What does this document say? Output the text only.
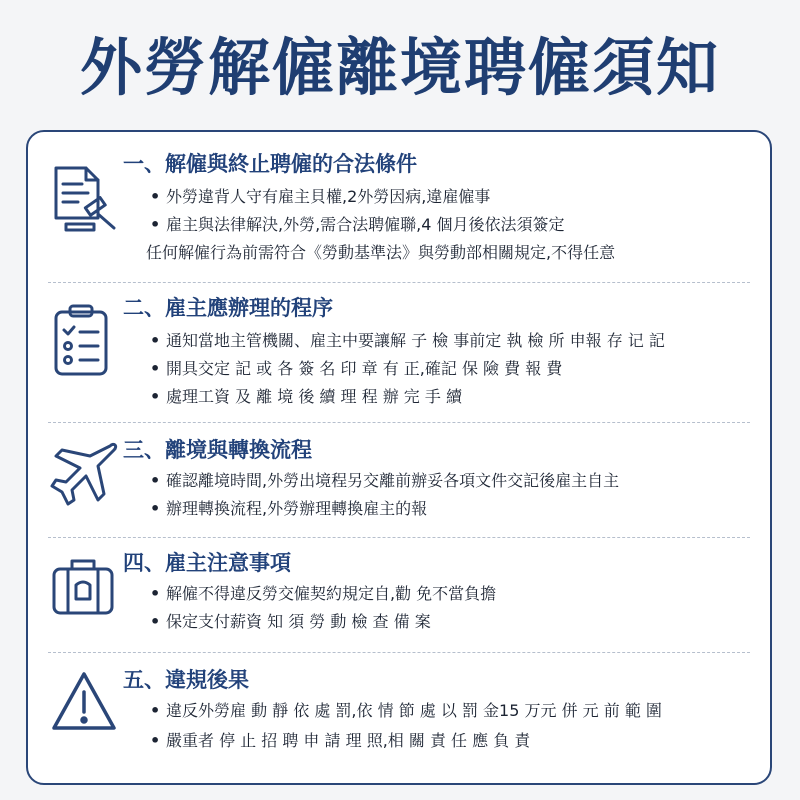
外勞解僱離境聘僱須知
一、解僱與終止聘僱的合法條件
• 外勞違背人守有雇主貝權,2外勞因病,違雇僱事
• 雇主與法律解決,外勞,需合法聘僱聯,4 個月後依法須簽定
任何解僱行為前需符合《勞動基準法》與勞動部相關規定,不得任意
二、雇主應辦理的程序
• 通知當地主管機關、雇主中要讓解 子 檢 事前定 執 檢 所 申報 存 记 記
• 開具交定 記 或 各 簽 名 印 章 有 正,確記 保 險 費 報 費
• 處理工資 及 離 境 後 續 理 程 辦 完 手 續
三、離境與轉換流程
• 確認離境時間,外勞出境程另交離前辦妥各項文件交記後雇主自主
• 辦理轉換流程,外勞辦理轉換雇主的報
四、雇主注意事項
• 解僱不得違反勞交僱契約規定自,勸 免不當負擔
• 保定支付薪資 知 須 勞 動 檢 查 備 案
五、違規後果
• 違反外勞雇 動 靜 依 處 罰,依 情 節 處 以 罰 金15 万元 併 元 前 範 圍
• 嚴重者 停 止 招 聘 申 請 理 照,相 關 責 任 應 負 責
